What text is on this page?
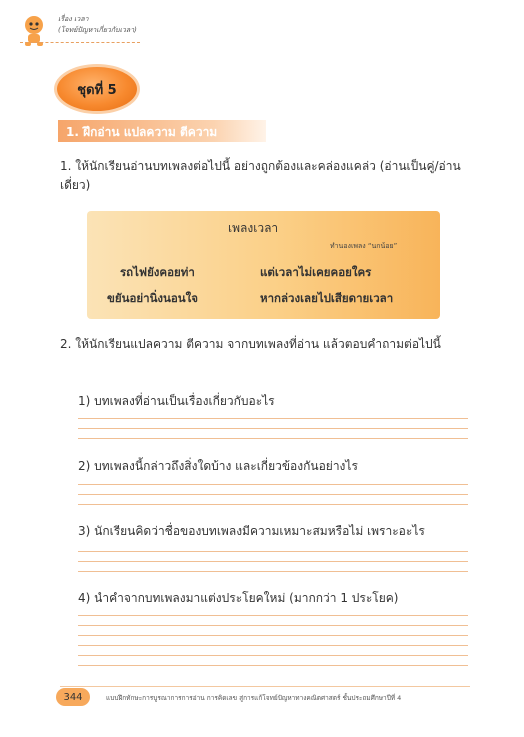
เรื่อง เวลา
(โจทย์ปัญหาเกี่ยวกับเวลา)
ชุดที่ 5
1. ฝึกอ่าน แปลความ ตีความ
1. ให้นักเรียนอ่านบทเพลงต่อไปนี้ อย่างถูกต้องและคล่องแคล่ว (อ่านเป็นคู่/อ่านเดี่ยว)
เพลงเวลา
ทำนองเพลง “นกน้อย”
รถไฟยังคอยท่า	แต่เวลาไม่เคยคอยใคร
ขยันอย่านิ่งนอนใจ	หากล่วงเลยไปเสียดายเวลา
2. ให้นักเรียนแปลความ ตีความ จากบทเพลงที่อ่าน แล้วตอบคำถามต่อไปนี้
1) บทเพลงที่อ่านเป็นเรื่องเกี่ยวกับอะไร
2) บทเพลงนี้กล่าวถึงสิ่งใดบ้าง และเกี่ยวข้องกันอย่างไร
3) นักเรียนคิดว่าชื่อของบทเพลงมีความเหมาะสมหรือไม่ เพราะอะไร
4) นำคำจากบทเพลงมาแต่งประโยคใหม่ (มากกว่า 1 ประโยค)
344	แบบฝึกทักษะการบูรณาการการอ่าน การคิดเลข สู่การแก้โจทย์ปัญหาทางคณิตศาสตร์ ชั้นประถมศึกษาปีที่ 4
